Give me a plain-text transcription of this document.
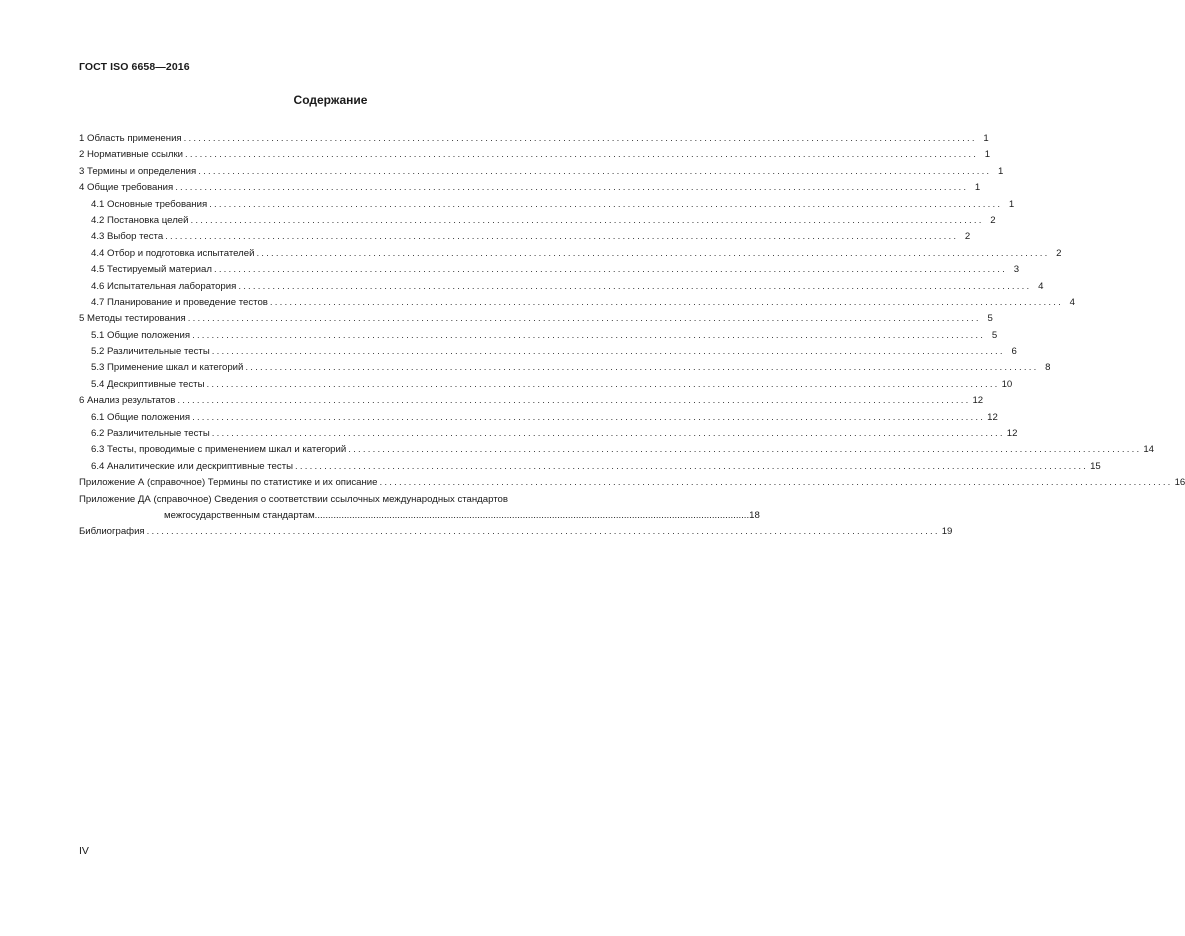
ГОСТ ISO 6658—2016
Содержание
1 Область применения ................................................................................................................................................................... 1
2 Нормативные ссылки ................................................................................................................................................................... 1
3 Термины и определения ................................................................................................................................................................... 1
4 Общие требования ................................................................................................................................................................... 1
4.1 Основные требования ................................................................................................................................................................... 1
4.2 Постановка целей ................................................................................................................................................................... 2
4.3 Выбор теста ................................................................................................................................................................... 2
4.4 Отбор и подготовка испытателей ................................................................................................................................................................... 2
4.5 Тестируемый материал ................................................................................................................................................................... 3
4.6 Испытательная лаборатория ................................................................................................................................................................... 4
4.7 Планирование и проведение тестов ................................................................................................................................................................... 4
5 Методы тестирования ................................................................................................................................................................... 5
5.1 Общие положения ................................................................................................................................................................... 5
5.2 Различительные тесты ................................................................................................................................................................... 6
5.3 Применение шкал и категорий ................................................................................................................................................................... 8
5.4 Дескриптивные тесты ................................................................................................................................................................... 10
6 Анализ результатов ................................................................................................................................................................... 12
6.1 Общие положения ................................................................................................................................................................... 12
6.2 Различительные тесты ................................................................................................................................................................... 12
6.3 Тесты, проводимые с применением шкал и категорий ................................................................................................................................................................... 14
6.4 Аналитические или дескриптивные тесты ................................................................................................................................................................... 15
Приложение А (справочное) Термины по статистике и их описание ................................................................................................................................................................... 16
Приложение ДА (справочное) Сведения о соответствии ссылочных международных стандартов
межгосударственным стандартам ................................................................................................................................................................... 18
Библиография ................................................................................................................................................................... 19
IV
